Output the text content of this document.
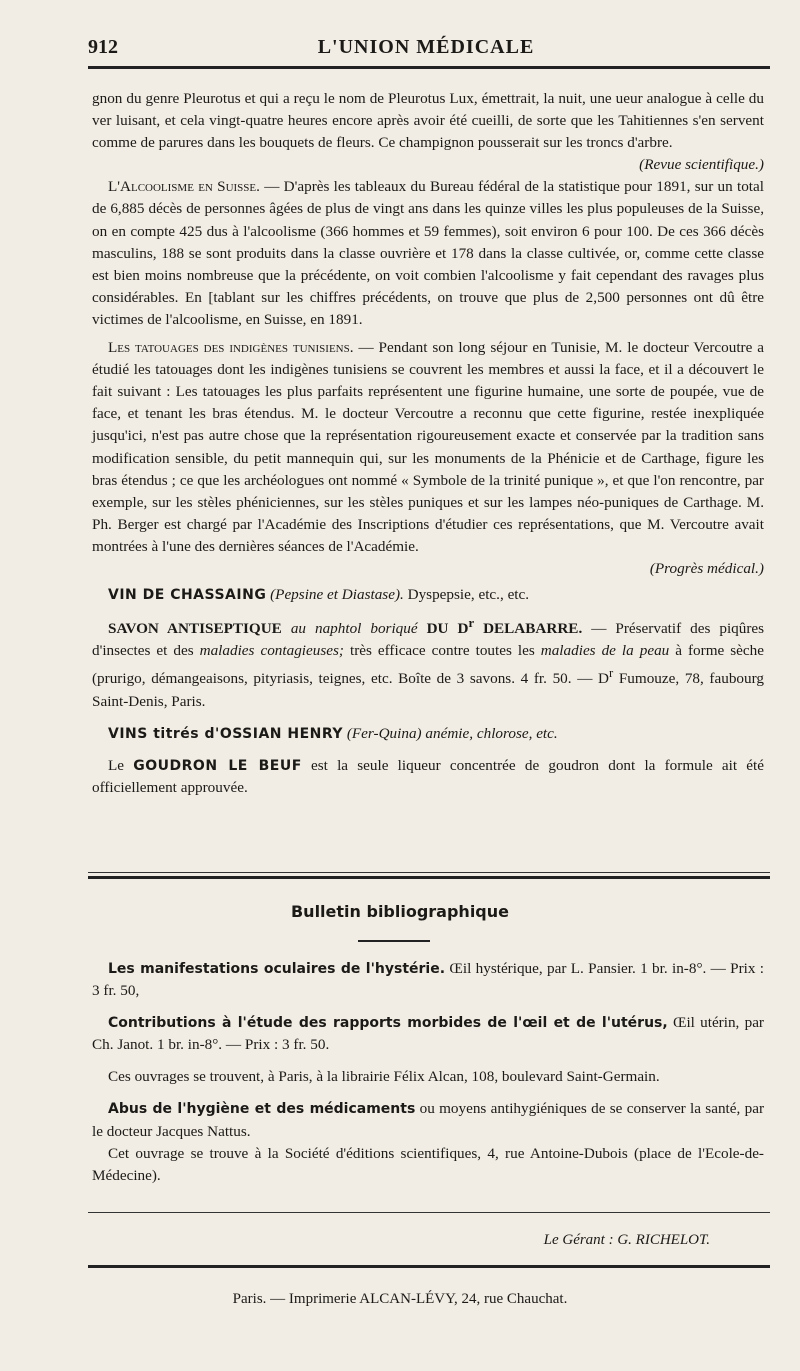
912	L'UNION MÉDICALE

gnon du genre Pleurotus et qui a reçu le nom de Pleurotus Lux, émettrait, la nuit, une ueur analogue à celle du ver luisant, et cela vingt-quatre heures encore après avoir été cueilli, de sorte que les Tahitiennes s'en servent comme de parures dans les bouquets de fleurs. Ce champignon pousserait sur les troncs d'arbre.
(Revue scientifique.)

L'Alcoolisme en Suisse. — D'après les tableaux du Bureau fédéral de la statistique pour 1891, sur un total de 6,885 décès de personnes âgées de plus de vingt ans dans les quinze villes les plus populeuses de la Suisse, on en compte 425 dus à l'alcoolisme (366 hommes et 59 femmes), soit environ 6 pour 100. De ces 366 décès masculins, 188 se sont produits dans la classe ouvrière et 178 dans la classe cultivée, or, comme cette classe est bien moins nombreuse que la précédente, on voit combien l'alcoolisme y fait cependant des ravages plus considérables. En [tablant sur les chiffres précédents, on trouve que plus de 2,500 personnes ont dû être victimes de l'alcoolisme, en Suisse, en 1891.

Les tatouages des indigènes tunisiens. — Pendant son long séjour en Tunisie, M. le docteur Vercoutre a étudié les tatouages dont les indigènes tunisiens se couvrent les membres et aussi la face, et il a découvert le fait suivant : Les tatouages les plus parfaits représentent une figurine humaine, une sorte de poupée, vue de face, et tenant les bras étendus. M. le docteur Vercoutre a reconnu que cette figurine, restée inexpliquée jusqu'ici, n'est pas autre chose que la représentation rigoureusement exacte et conservée par la tradition sans modification sensible, du petit mannequin qui, sur les monuments de la Phénicie et de Carthage, figure les bras étendus ; ce que les archéologues ont nommé « Symbole de la trinité punique », et que l'on rencontre, par exemple, sur les stèles phéniciennes, sur les stèles puniques et sur les lampes néo-puniques de Carthage. M. Ph. Berger est chargé par l'Académie des Inscriptions d'étudier ces représentations, que M. Vercoutre avait montrées à l'une des dernières séances de l'Académie.

(Progrès médical.)

VIN DE CHASSAING (Pepsine et Diastase). Dyspepsie, etc., etc.

SAVON ANTISEPTIQUE au naphtol boriqué DU $D^r$ DELABARRE. — Préservatif des piqûres d'insectes et des maladies contagieuses; très efficace contre toutes les maladies de la peau à forme sèche (prurigo, démangeaisons, pityriasis, teignes, etc. Boîte de 3 savons. 4 fr. 50. — $D^r$ Fumouze, 78, faubourg Saint-Denis, Paris.

VINS titrés d'OSSIAN HENRY (Fer-Quina) anémie, chlorose, etc.

Le GOUDRON LE BEUF est la seule liqueur concentrée de goudron dont la formule ait été officiellement approuvée.

Bulletin bibliographique

Les manifestations oculaires de l'hystérie. Œil hystérique, par L. Pansier. 1 br. in-8°. — Prix : 3 fr. 50,

Contributions à l'étude des rapports morbides de l'œil et de l'utérus, Œil utérin, par Ch. Janot. 1 br. in-8°. — Prix : 3 fr. 50.

Ces ouvrages se trouvent, à Paris, à la librairie Félix Alcan, 108, boulevard Saint-Germain.

Abus de l'hygiène et des médicaments ou moyens antihygiéniques de se conserver la santé, par le docteur Jacques Nattus.

Cet ouvrage se trouve à la Société d'éditions scientifiques, 4, rue Antoine-Dubois (place de l'Ecole-de-Médecine).

Le Gérant : G. RICHELOT.
Paris. — Imprimerie ALCAN-LÉVY, 24, rue Chauchat.
